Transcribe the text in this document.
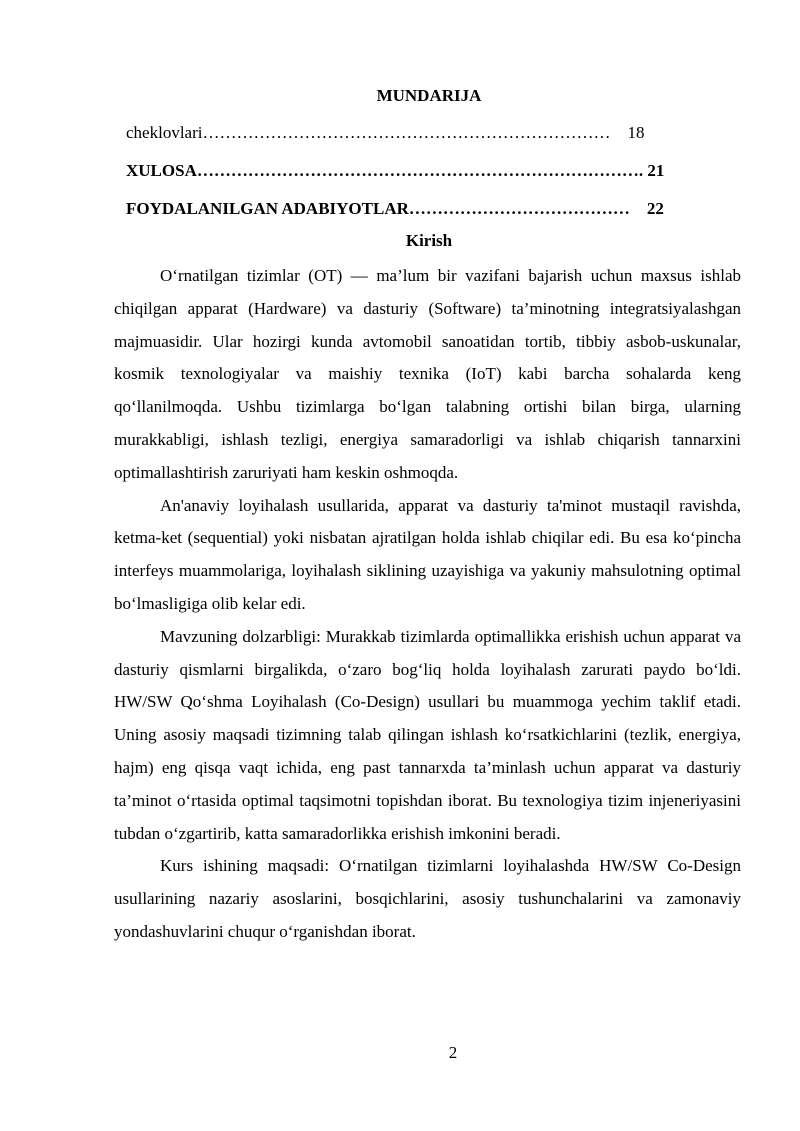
MUNDARIJA
cheklovlari……………………………………………………………… 18
XULOSA……………………………………………………………………. 21
FOYDALANILGAN ADABIYOTLAR………………………………… 22
Kirish

O‘rnatilgan tizimlar (OT) — ma’lum bir vazifani bajarish uchun maxsus ishlab chiqilgan apparat (Hardware) va dasturiy (Software) ta’minotning integratsiyalashgan majmuasidir. Ular hozirgi kunda avtomobil sanoatidan tortib, tibbiy asbob-uskunalar, kosmik texnologiyalar va maishiy texnika (IoT) kabi barcha sohalarda keng qo‘llanilmoqda. Ushbu tizimlarga bo‘lgan talabning ortishi bilan birga, ularning murakkabligi, ishlash tezligi, energiya samaradorligi va ishlab chiqarish tannarxini optimallashtirish zaruriyati ham keskin oshmoqda.

An'anaviy loyihalash usullarida, apparat va dasturiy ta'minot mustaqil ravishda, ketma-ket (sequential) yoki nisbatan ajratilgan holda ishlab chiqilar edi. Bu esa ko‘pincha interfeys muammolariga, loyihalash siklining uzayishiga va yakuniy mahsulotning optimal bo‘lmasligiga olib kelar edi.

Mavzuning dolzarbligi: Murakkab tizimlarda optimallikka erishish uchun apparat va dasturiy qismlarni birgalikda, o‘zaro bog‘liq holda loyihalash zarurati paydo bo‘ldi. HW/SW Qo‘shma Loyihalash (Co-Design) usullari bu muammoga yechim taklif etadi. Uning asosiy maqsadi tizimning talab qilingan ishlash ko‘rsatkichlarini (tezlik, energiya, hajm) eng qisqa vaqt ichida, eng past tannarxda ta’minlash uchun apparat va dasturiy ta’minot o‘rtasida optimal taqsimotni topishdan iborat. Bu texnologiya tizim injeneriyasini tubdan o‘zgartirib, katta samaradorlikka erishish imkonini beradi.

Kurs ishining maqsadi: O‘rnatilgan tizimlarni loyihalashda HW/SW Co-Design usullarining nazariy asoslarini, bosqichlarini, asosiy tushunchalarini va zamonaviy yondashuvlarini chuqur o‘rganishdan iborat.

2
